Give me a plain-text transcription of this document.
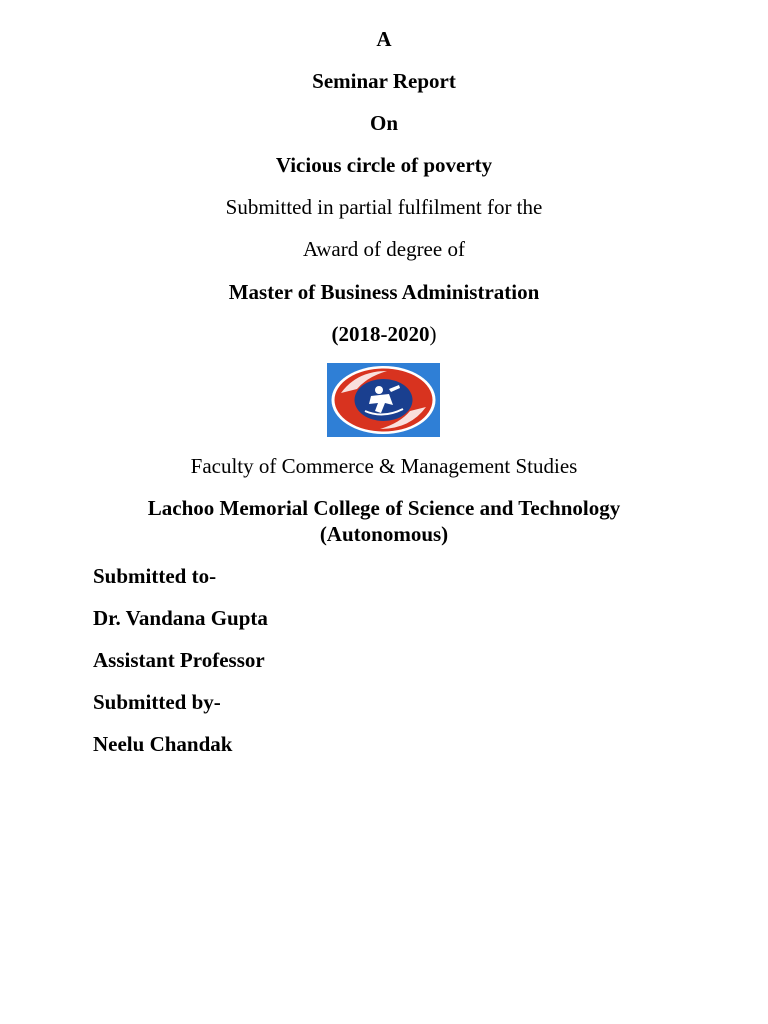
A
Seminar Report
On
Vicious circle of poverty
Submitted in partial fulfilment for the
Award of degree of
Master of Business Administration
(2018-2020)
Faculty of Commerce & Management Studies
Lachoo Memorial College of Science and Technology
(Autonomous)
Submitted to-
Dr. Vandana Gupta
Assistant Professor
Submitted by-
Neelu Chandak
